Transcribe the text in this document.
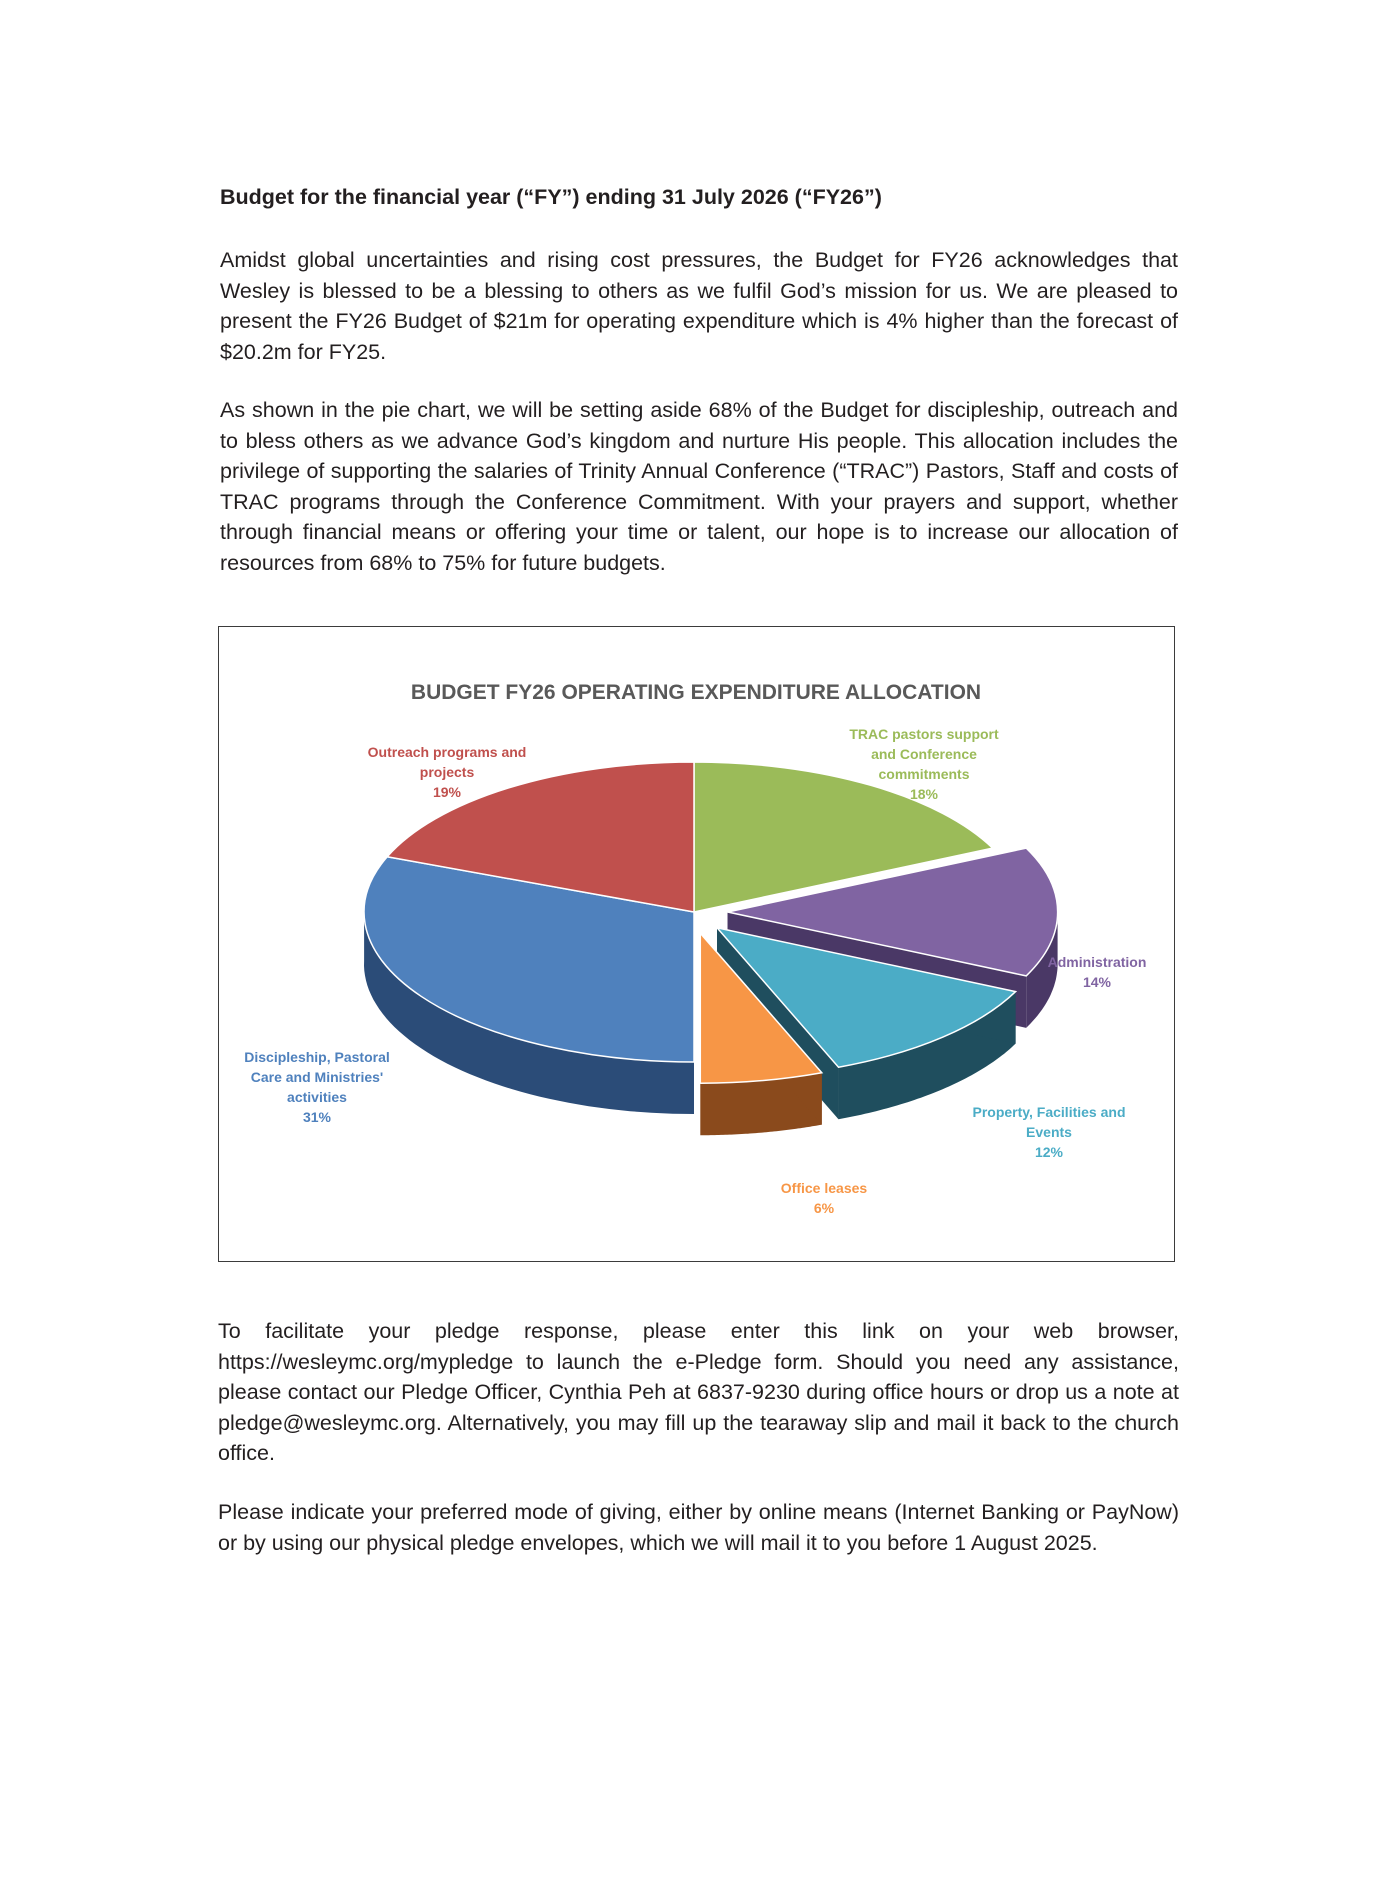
Budget for the financial year (“FY”) ending 31 July 2026 (“FY26”)

Amidst global uncertainties and rising cost pressures, the Budget for FY26 acknowledges that Wesley is blessed to be a blessing to others as we fulfil God’s mission for us. We are pleased to present the FY26 Budget of $21m for operating expenditure which is 4% higher than the forecast of $20.2m for FY25.

As shown in the pie chart, we will be setting aside 68% of the Budget for discipleship, outreach and to bless others as we advance God’s kingdom and nurture His people. This allocation includes the privilege of supporting the salaries of Trinity Annual Conference (“TRAC”) Pastors, Staff and costs of TRAC programs through the Conference Commitment. With your prayers and support, whether through financial means or offering your time or talent, our hope is to increase our allocation of resources from 68% to 75% for future budgets.

BUDGET FY26 OPERATING EXPENDITURE ALLOCATION
TRAC pastors support and Conference commitments 18%
Administration 14%
Property, Facilities and Events 12%
Office leases 6%
Discipleship, Pastoral Care and Ministries' activities 31%
Outreach programs and projects 19%

To facilitate your pledge response, please enter this link on your web browser, https://wesleymc.org/mypledge to launch the e-Pledge form. Should you need any assistance, please contact our Pledge Officer, Cynthia Peh at 6837-9230 during office hours or drop us a note at pledge@wesleymc.org. Alternatively, you may fill up the tearaway slip and mail it back to the church office.

Please indicate your preferred mode of giving, either by online means (Internet Banking or PayNow) or by using our physical pledge envelopes, which we will mail it to you before 1 August 2025.
